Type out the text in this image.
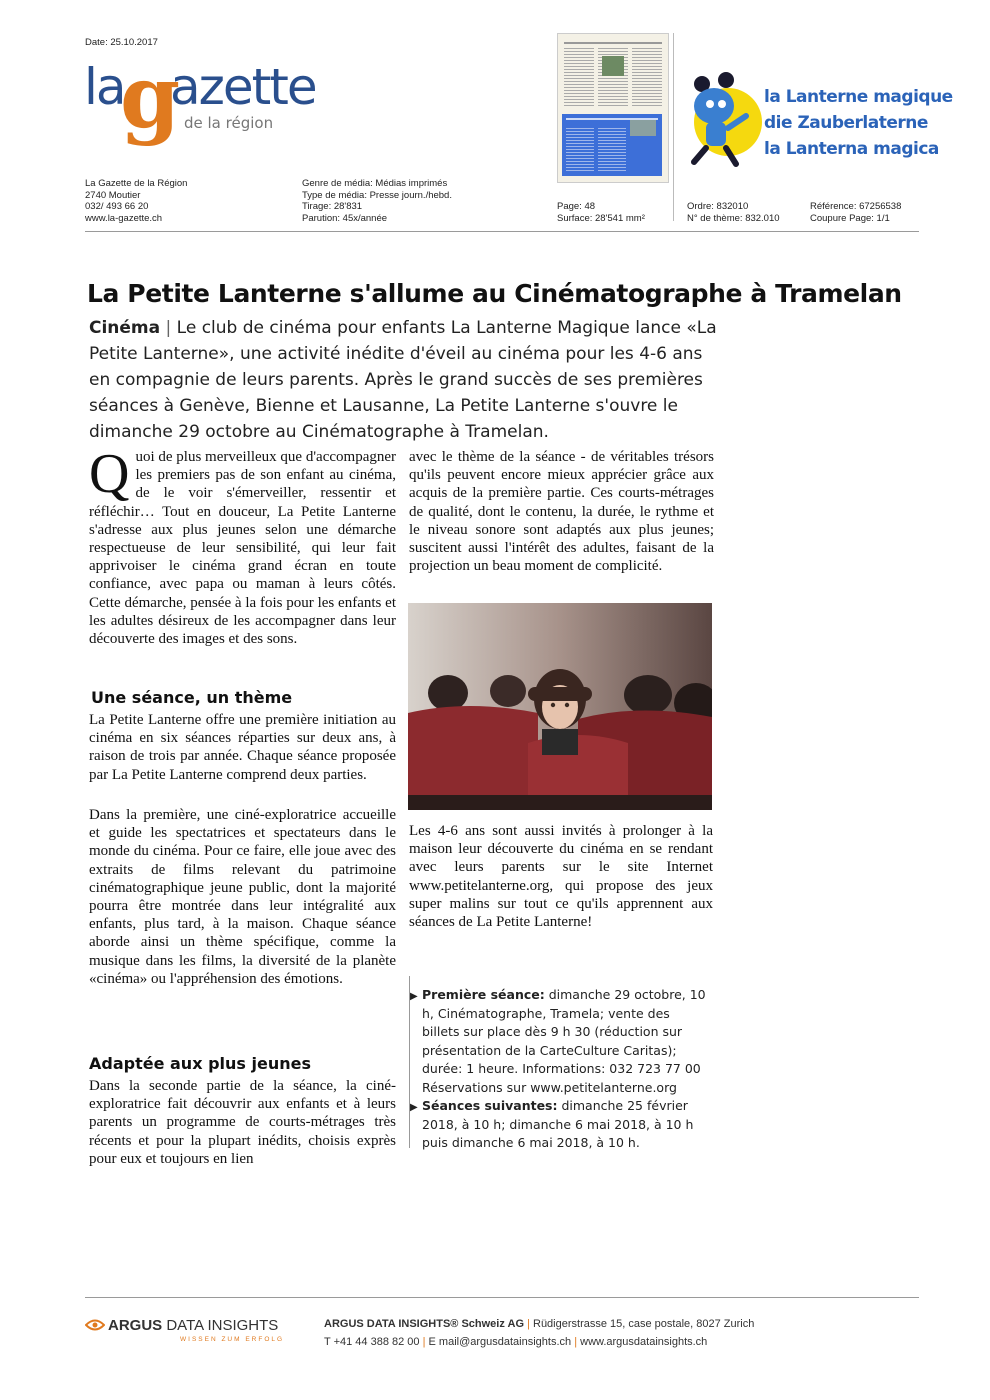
Date: 25.10.2017
la
g
azette
de la région
la Lanterne magique
die Zauberlaterne
la Lanterna magica
La Gazette de la Région
2740 Moutier
032/ 493 66 20
www.la-gazette.ch
Genre de média: Médias imprimés
Type de média: Presse journ./hebd.
Tirage: 28'831
Parution: 45x/année
Page: 48
Surface: 28'541 mm²
Ordre: 832010
N° de thème: 832.010
Référence: 67256538
Coupure Page: 1/1
La Petite Lanterne s'allume au Cinématographe à Tramelan
Cinéma | Le club de cinéma pour enfants La Lanterne Magique lance «La Petite Lanterne», une activité inédite d'éveil au cinéma pour les 4-6 ans en compagnie de leurs parents. Après le grand succès de ses premières séances à Genève, Bienne et Lausanne, La Petite Lanterne s'ouvre le dimanche 29 octobre au Cinématographe à Tramelan.
Q uoi de plus merveilleux que d'accompagner les premiers pas de son enfant au cinéma, de le voir s'émerveiller, ressentir et réfléchir… Tout en douceur, La Petite Lanterne s'adresse aux plus jeunes selon une démarche respectueuse de leur sensibilité, qui leur fait apprivoiser le cinéma grand écran en toute confiance, avec papa ou maman à leurs côtés. Cette démarche, pensée à la fois pour les enfants et les adultes désireux de les accompagner dans leur découverte des images et des sons.

Une séance, un thème
La Petite Lanterne offre une première initiation au cinéma en six séances réparties sur deux ans, à raison de trois par année. Chaque séance proposée par La Petite Lanterne comprend deux parties.
Dans la première, une ciné-exploratrice accueille et guide les spectatrices et spectateurs dans le monde du cinéma. Pour ce faire, elle joue avec des extraits de films relevant du patrimoine cinématographique jeune public, dont la majorité pourra être montrée dans leur intégralité aux enfants, plus tard, à la maison. Chaque séance aborde ainsi un thème spécifique, comme la musique dans les films, la diversité de la planète «cinéma» ou l'appréhension des émotions.
Adaptée aux plus jeunes
Dans la seconde partie de la séance, la ciné-exploratrice fait découvrir aux enfants et à leurs parents un programme de courts-métrages très récents et pour la plupart inédits, choisis exprès pour eux et toujours en lien
avec le thème de la séance - de véritables trésors qu'ils peuvent encore mieux apprécier grâce aux acquis de la première partie. Ces courts-métrages de qualité, dont le contenu, la durée, le rythme et le niveau sonore sont adaptés aux plus jeunes; suscitent aussi l'intérêt des adultes, faisant de la projection un beau moment de complicité.
Les 4-6 ans sont aussi invités à prolonger à la maison leur découverte du cinéma en se rendant avec leurs parents sur le site Internet www.petitelanterne.org, qui propose des jeux super malins sur tout ce qu'ils apprennent aux séances de La Petite Lanterne!
▶ Première séance: dimanche 29 octobre, 10 h, Cinématographe, Tramela; vente des billets sur place dès 9 h 30 (réduction sur présentation de la CarteCulture Caritas); durée: 1 heure. Informations: 032 723 77 00 Réservations sur www.petitelanterne.org
▶ Séances suivantes: dimanche 25 février 2018, à 10 h; dimanche 6 mai 2018, à 10 h puis dimanche 6 mai 2018, à 10 h.
ARGUS DATA INSIGHTS
WISSEN ZUM ERFOLG
ARGUS DATA INSIGHTS® Schweiz AG | Rüdigerstrasse 15, case postale, 8027 Zurich
T +41 44 388 82 00 | E mail@argusdatainsights.ch | www.argusdatainsights.ch
